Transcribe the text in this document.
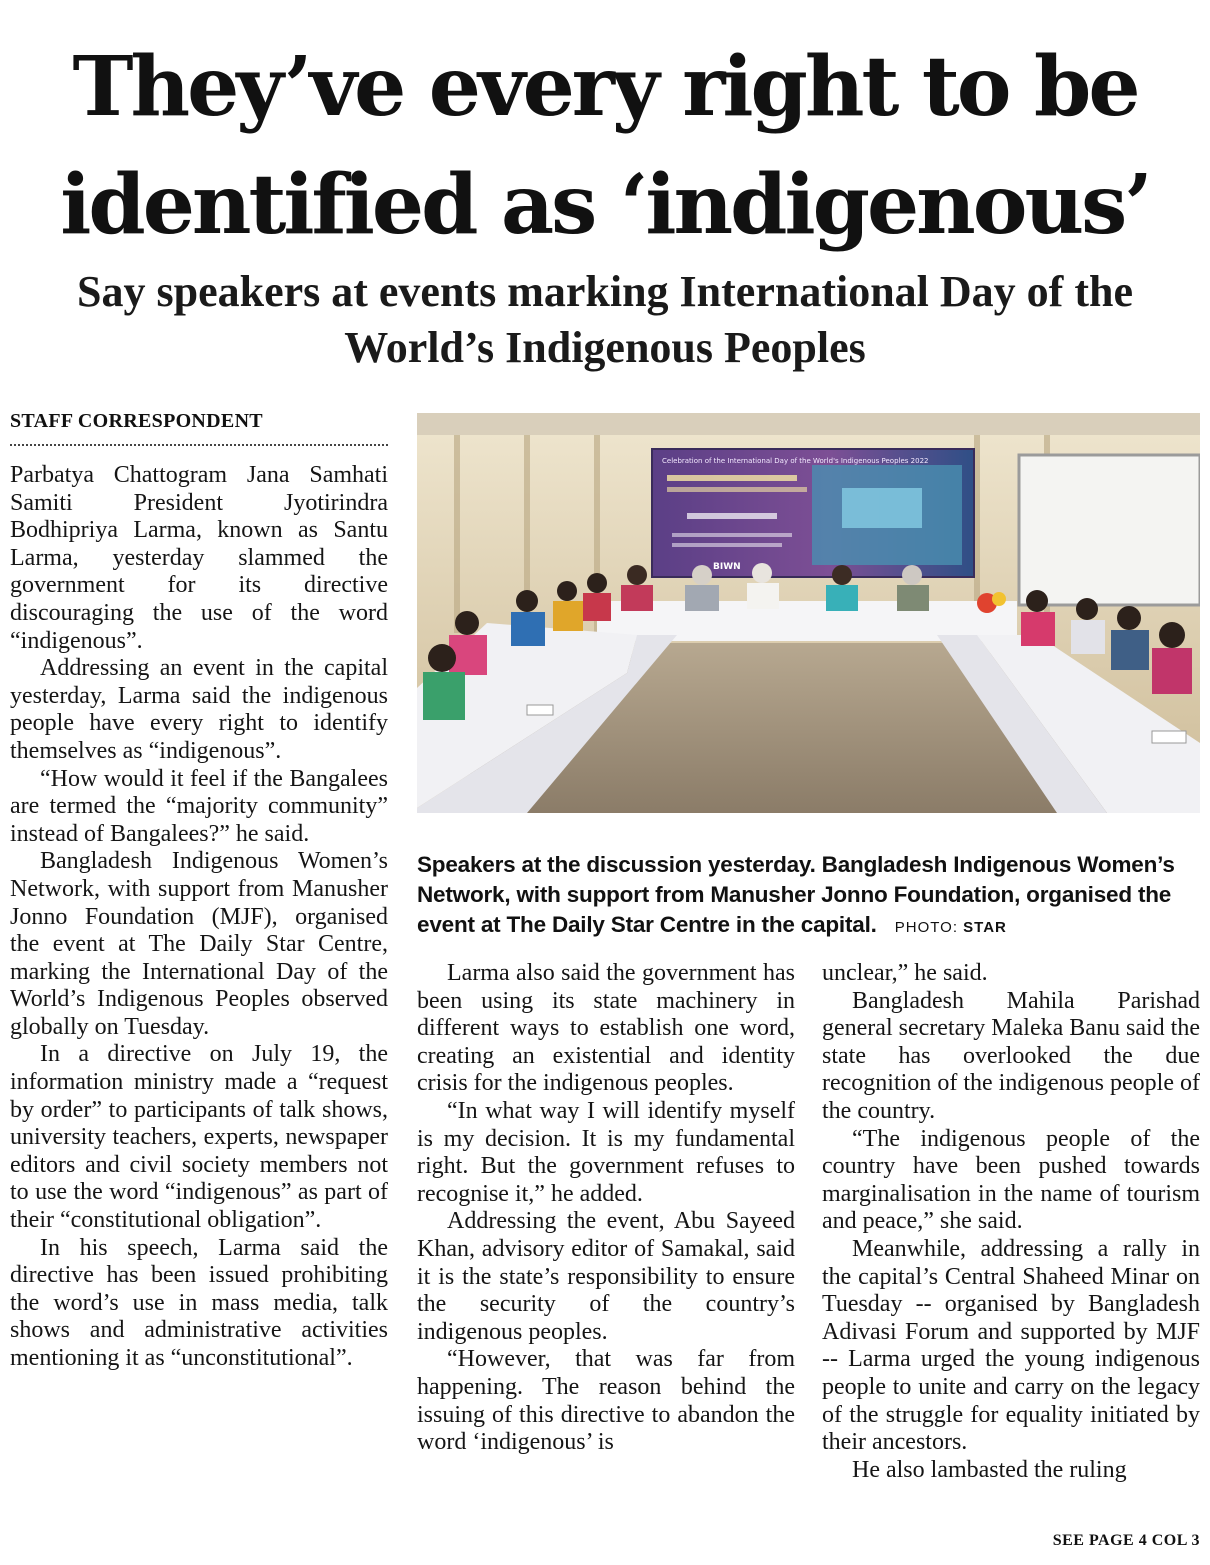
They’ve every right to be identified as ‘indigenous’
Say speakers at events marking International Day of the World’s Indigenous Peoples
STAFF CORRESPONDENT

Parbatya Chattogram Jana Samhati Samiti President Jyotirindra Bodhipriya Larma, known as Santu Larma, yesterday slammed the government for its directive discouraging the use of the word “indigenous”.

Addressing an event in the capital yesterday, Larma said the indigenous people have every right to identify themselves as “indigenous”.

“How would it feel if the Bangalees are termed the “majority community” instead of Bangalees?” he said.

Bangladesh Indigenous Women’s Network, with support from Manusher Jonno Foundation (MJF), organised the event at The Daily Star Centre, marking the International Day of the World’s Indigenous Peoples observed globally on Tuesday.

In a directive on July 19, the information ministry made a “request by order” to participants of talk shows, university teachers, experts, newspaper editors and civil society members not to use the word “indigenous” as part of their “constitutional obligation”.

In his speech, Larma said the directive has been issued prohibiting the word’s use in mass media, talk shows and administrative activities mentioning it as “unconstitutional”.

Celebration of the International Day of the World's Indigenous Peoples 2022
BIWN
Speakers at the discussion yesterday. Bangladesh Indigenous Women’s Network, with support from Manusher Jonno Foundation, organised the event at The Daily Star Centre in the capital. PHOTO: STAR

Larma also said the government has been using its state machinery in different ways to establish one word, creating an existential and identity crisis for the indigenous peoples.

“In what way I will identify myself is my decision. It is my fundamental right. But the government refuses to recognise it,” he added.

Addressing the event, Abu Sayeed Khan, advisory editor of Samakal, said it is the state’s responsibility to ensure the security of the country’s indigenous peoples.

“However, that was far from happening. The reason behind the issuing of this directive to abandon the word ‘indigenous’ is

unclear,” he said.

Bangladesh Mahila Parishad general secretary Maleka Banu said the state has overlooked the due recognition of the indigenous people of the country.

“The indigenous people of the country have been pushed towards marginalisation in the name of tourism and peace,” she said.

Meanwhile, addressing a rally in the capital’s Central Shaheed Minar on Tuesday -- organised by Bangladesh Adivasi Forum and supported by MJF -- Larma urged the young indigenous people to unite and carry on the legacy of the struggle for equality initiated by their ancestors.

He also lambasted the ruling

SEE PAGE 4 COL 3
